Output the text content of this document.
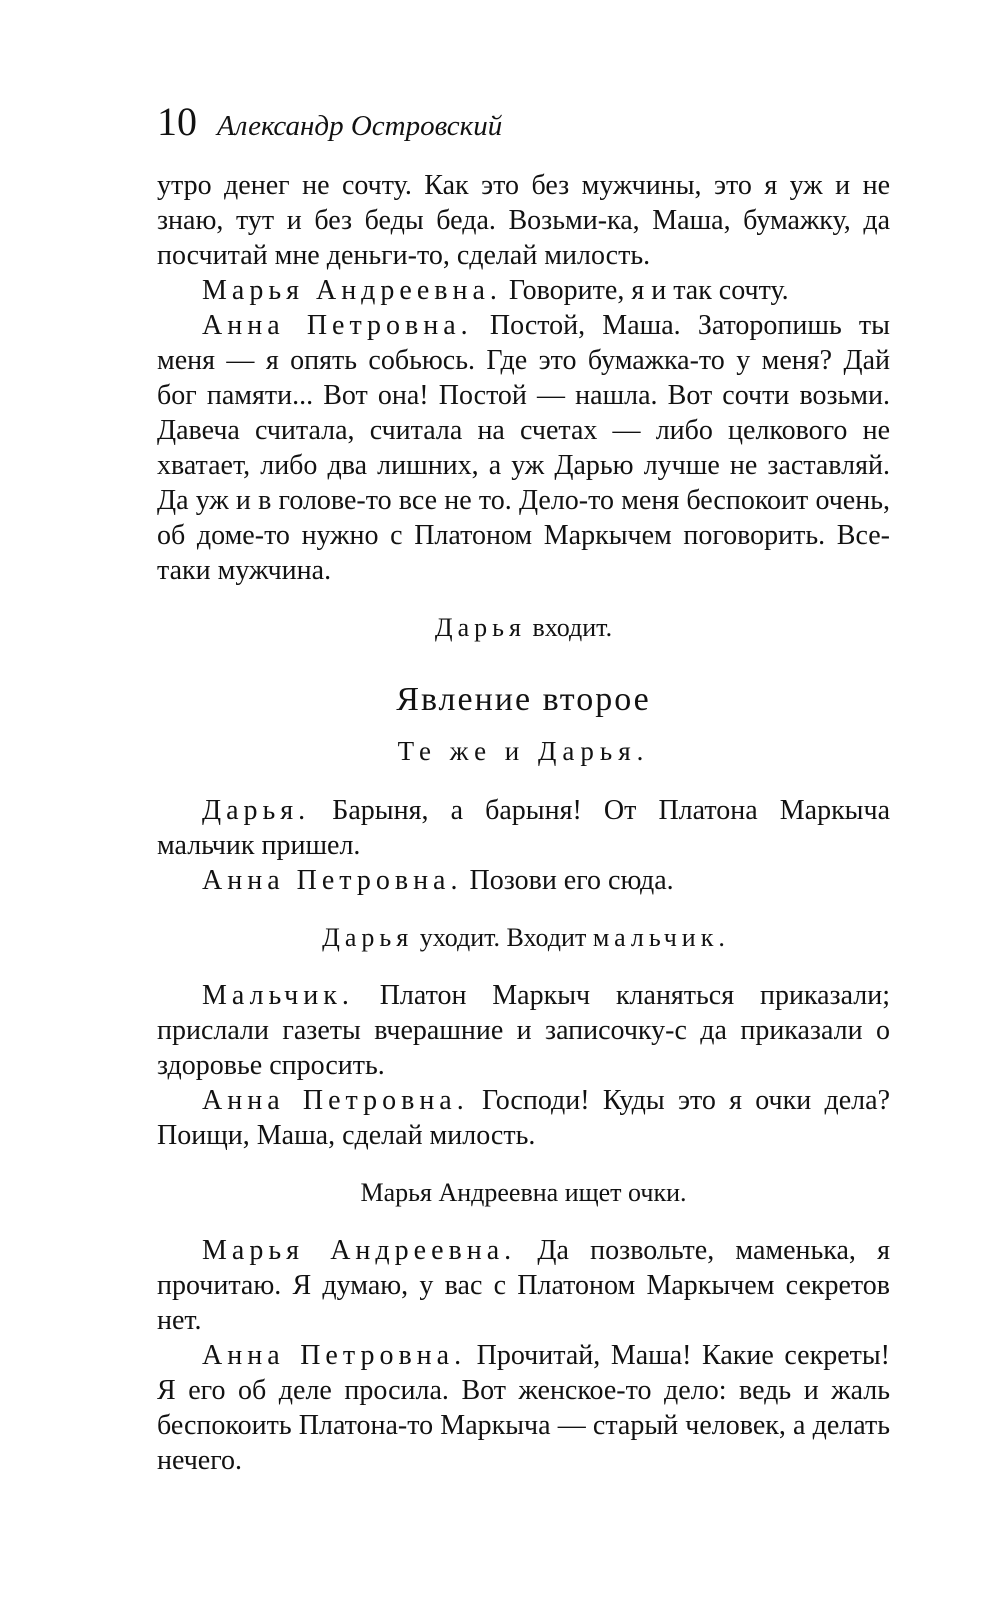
10 Александр Островский

утро денег не сочту. Как это без мужчины, это я уж и не знаю, тут и без беды беда. Возьми-ка, Маша, бумажку, да посчитай мне деньги-то, сделай милость.

Марья Андреевна. Говорите, я и так сочту.

Анна Петровна. Постой, Маша. Заторопишь ты меня — я опять собьюсь. Где это бумажка-то у меня? Дай бог памяти... Вот она! Постой — нашла. Вот сочти возьми. Давеча считала, считала на счетах — либо целкового не хватает, либо два лишних, а уж Дарью лучше не заставляй. Да уж и в голове-то все не то. Дело-то меня беспокоит очень, об доме-то нужно с Платоном Маркычем поговорить. Все-таки мужчина.

Дарья входит.

Явление второе

Те же и Дарья.

Дарья. Барыня, а барыня! От Платона Маркыча мальчик пришел.

Анна Петровна. Позови его сюда.

Дарья уходит. Входит мальчик.

Мальчик. Платон Маркыч кланяться приказали; прислали газеты вчерашние и записочку-с да приказали о здоровье спросить.

Анна Петровна. Господи! Куды это я очки дела? Поищи, Маша, сделай милость.

Марья Андреевна ищет очки.

Марья Андреевна. Да позвольте, маменька, я прочитаю. Я думаю, у вас с Платоном Маркычем секретов нет.

Анна Петровна. Прочитай, Маша! Какие секреты! Я его об деле просила. Вот женское-то дело: ведь и жаль беспокоить Платона-то Маркыча — старый человек, а делать нечего.
